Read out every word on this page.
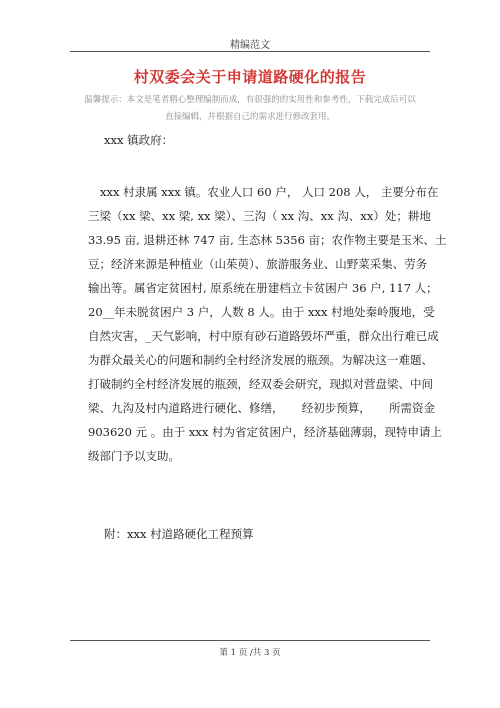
精编范文
村双委会关于申请道路硬化的报告
温馨提示：本文是笔者精心整理编制而成，有很强的的实用性和参考性，下载完成后可以
直接编辑，并根据自己的需求进行修改套用。
xxx 镇政府：
xxx 村隶属 xxx 镇。农业人口 60 户， 人口 208 人， 主要分布在
三梁（xx 梁、xx 梁, xx 梁）、三沟（ xx 沟、xx 沟、xx）处；耕地
33.95 亩, 退耕还林 747 亩, 生态林 5356 亩；农作物主要是玉米、土
豆；经济来源是种植业（山茱萸）、旅游服务业、山野菜采集、劳务
输出等。属省定贫困村, 原系统在册建档立卡贫困户 36 户, 117 人；
20__年未脱贫困户 3 户，人数 8 人。由于 xxx 村地处秦岭腹地，受
自然灾害，_天气影响，村中原有砂石道路毁坏严重，群众出行难已成
为群众最关心的问题和制约全村经济发展的瓶颈。为解决这一难题、
打破制约全村经济发展的瓶颈，经双委会研究，现拟对营盘梁、中间
梁、九沟及村内道路进行硬化、修缮，     经初步预算，     所需资金
903620 元 。由于 xxx 村为省定贫困户，经济基础薄弱，现特申请上
级部门予以支助。
附：xxx 村道路硬化工程预算
第 1 页 /共 3 页
